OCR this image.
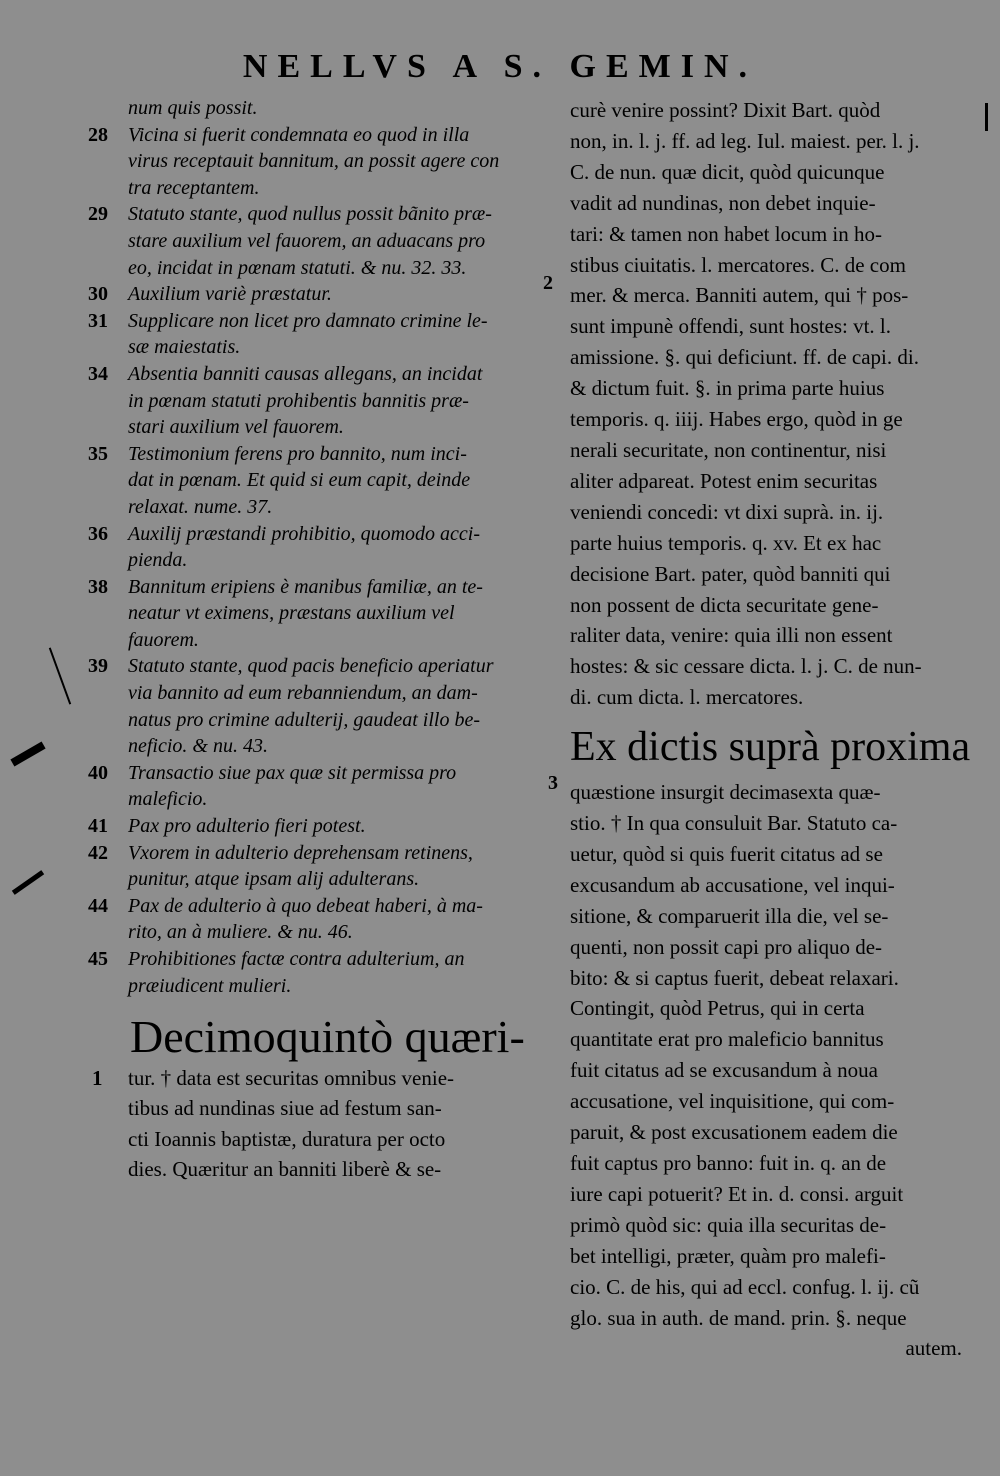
NELLVS A S. GEMIN.
num quis possit.
28	Vicina si fuerit condemnata eo quod in illa
virus receptauit bannitum, an possit agere con
tra receptantem.
29	Statuto stante, quod nullus possit bãnito præ-
stare auxilium vel fauorem, an aduacans pro
eo, incidat in pœnam statuti. & nu. 32. 33.
30	Auxilium variè præstatur.
31	Supplicare non licet pro damnato crimine le-
sæ maiestatis.
34	Absentia banniti causas allegans, an incidat
in pœnam statuti prohibentis bannitis præ-
stari auxilium vel fauorem.
35	Testimonium ferens pro bannito, num inci-
dat in pœnam. Et quid si eum capit, deinde
relaxat. nume. 37.
36	Auxilij præstandi prohibitio, quomodo acci-
pienda.
38	Bannitum eripiens è manibus familiæ, an te-
neatur vt eximens, præstans auxilium vel
fauorem.
39	Statuto stante, quod pacis beneficio aperiatur
via bannito ad eum rebanniendum, an dam-
natus pro crimine adulterij, gaudeat illo be-
neficio. & nu. 43.
40	Transactio siue pax quæ sit permissa pro
maleficio.
41	Pax pro adulterio fieri potest.
42	Vxorem in adulterio deprehensam retinens,
punitur, atque ipsam alij adulterans.
44	Pax de adulterio à quo debeat haberi, à ma-
rito, an à muliere. & nu. 46.
45	Prohibitiones factæ contra adulterium, an
præiudicent mulieri.
Decimoquintò quæri-
1 tur. † data est securitas omnibus venie-
tibus ad nundinas siue ad festum san-
cti Ioannis baptistæ, duratura per octo
dies. Quæritur an banniti liberè & se-
curè venire possint? Dixit Bart. quòd
non, in. l. j. ff. ad leg. Iul. maiest. per. l. j.
C. de nun. quæ dicit, quòd quicunque
vadit ad nundinas, non debet inquie-
tari: & tamen non habet locum in ho-
stibus ciuitatis. l. mercatores. C. de com
mer. & merca. Banniti autem, qui † pos-
sunt impunè offendi, sunt hostes: vt. l.
amissione. §. qui deficiunt. ff. de capi. di.
& dictum fuit. §. in prima parte huius
temporis. q. iiij. Habes ergo, quòd in ge
nerali securitate, non continentur, nisi
aliter adpareat. Potest enim securitas
veniendi concedi: vt dixi suprà. in. ij.
parte huius temporis. q. xv. Et ex hac
decisione Bart. pater, quòd banniti qui
non possent de dicta securitate gene-
raliter data, venire: quia illi non essent
hostes: & sic cessare dicta. l. j. C. de nun-
di. cum dicta. l. mercatores.
Ex dictis suprà proxima
quæstione insurgit decimasexta quæ-
stio. † In qua consuluit Bar. Statuto ca-
uetur, quòd si quis fuerit citatus ad se
excusandum ab accusatione, vel inqui-
sitione, & comparuerit illa die, vel se-
quenti, non possit capi pro aliquo de-
bito: & si captus fuerit, debeat relaxari.
Contingit, quòd Petrus, qui in certa
quantitate erat pro maleficio bannitus
fuit citatus ad se excusandum à noua
accusatione, vel inquisitione, qui com-
paruit, & post excusationem eadem die
fuit captus pro banno: fuit in. q. an de
iure capi potuerit? Et in. d. consi. arguit
primò quòd sic: quia illa securitas de-
bet intelligi, præter, quàm pro malefi-
cio. C. de his, qui ad eccl. confug. l. ij. cũ
glo. sua in auth. de mand. prin. §. neque
autem.
2
3
